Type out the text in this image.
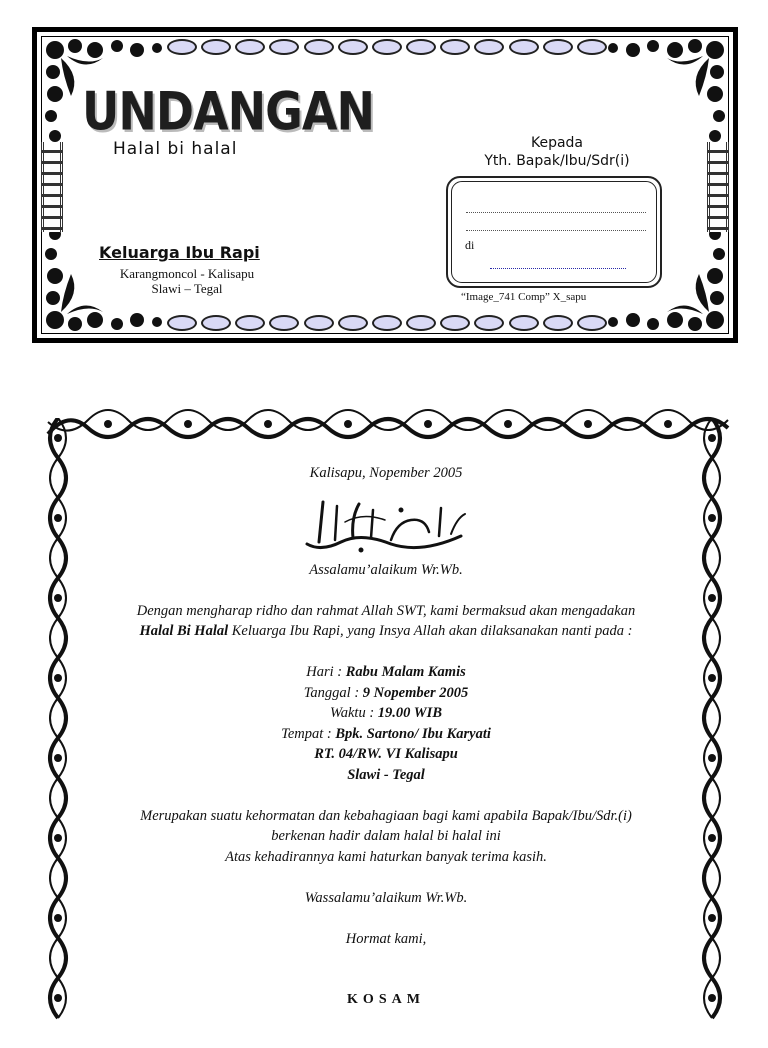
UNDANGAN
Halal bi halal
Keluarga Ibu Rapi
Karangmoncol - Kalisapu
Slawi – Tegal
Kepada
Yth. Bapak/Ibu/Sdr(i)
di
“Image_741 Comp” X_sapu

Kalisapu, Nopember 2005

Assalamu’alaikum Wr.Wb.

Dengan mengharap ridho dan rahmat Allah SWT, kami bermaksud akan mengadakan

Halal Bi Halal Keluarga Ibu Rapi, yang Insya Allah akan dilaksanakan nanti pada :

Hari : Rabu Malam Kamis

Tanggal : 9 Nopember 2005

Waktu : 19.00 WIB

Tempat : Bpk. Sartono/ Ibu Karyati

RT. 04/RW. VI Kalisapu

Slawi - Tegal

Merupakan suatu kehormatan dan kebahagiaan bagi kami apabila Bapak/Ibu/Sdr.(i)

berkenan hadir dalam halal bi halal ini

Atas kehadirannya kami haturkan banyak terima kasih.

Wassalamu’alaikum Wr.Wb.

Hormat kami,

KOSAM
